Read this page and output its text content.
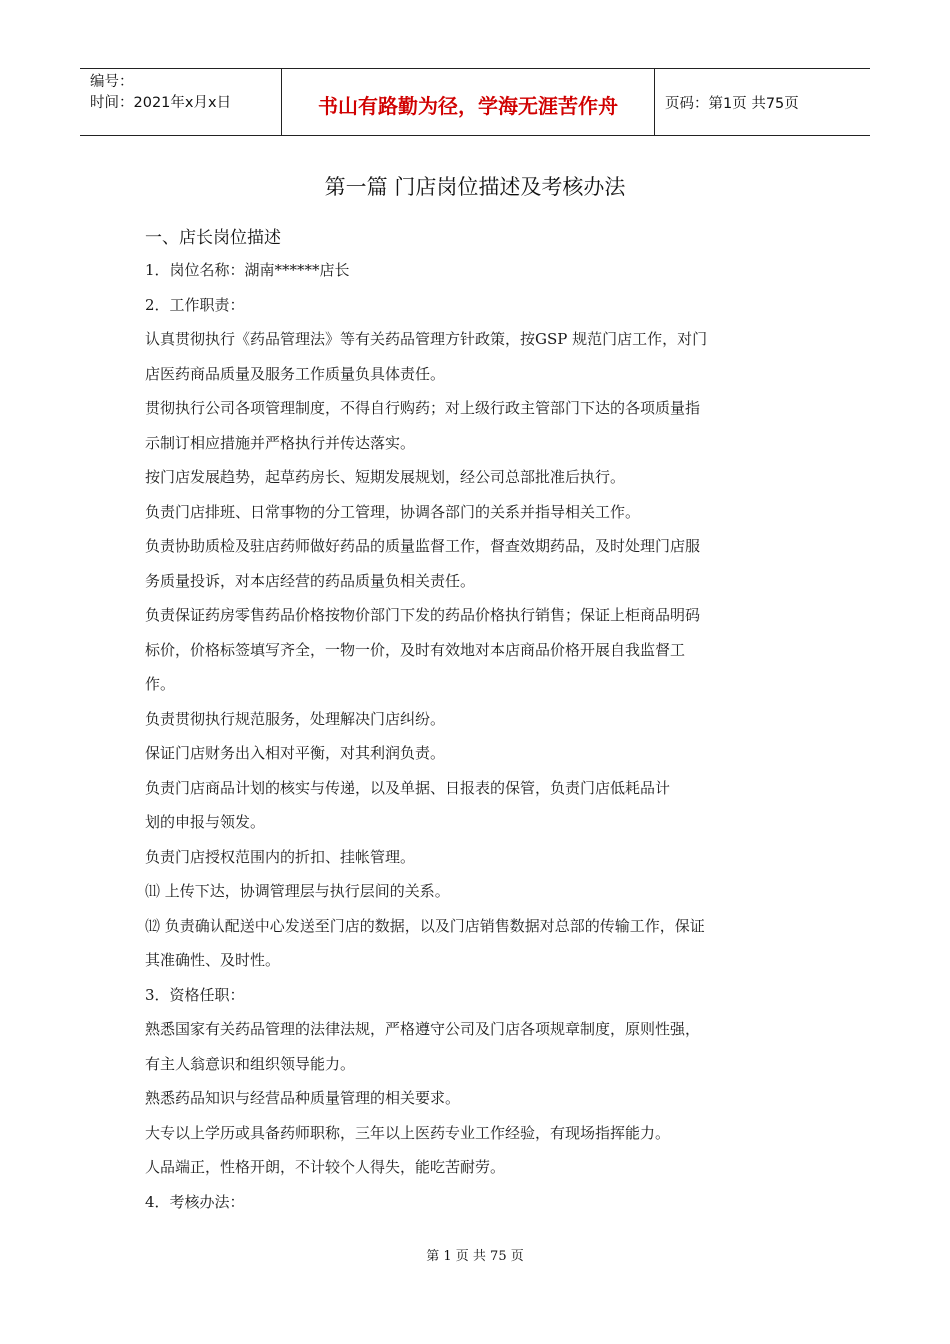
编号：
时间：2021年x月x日	书山有路勤为径，学海无涯苦作舟	页码：第1页 共75页
第一篇 门店岗位描述及考核办法
一、店长岗位描述
1．岗位名称：湖南******店长
2．工作职责：
认真贯彻执行《药品管理法》等有关药品管理方针政策，按GSP 规范门店工作，对门
店医药商品质量及服务工作质量负具体责任。
贯彻执行公司各项管理制度，不得自行购药；对上级行政主管部门下达的各项质量指
示制订相应措施并严格执行并传达落实。
按门店发展趋势，起草药房长、短期发展规划，经公司总部批准后执行。
负责门店排班、日常事物的分工管理，协调各部门的关系并指导相关工作。
负责协助质检及驻店药师做好药品的质量监督工作，督查效期药品，及时处理门店服
务质量投诉，对本店经营的药品质量负相关责任。
负责保证药房零售药品价格按物价部门下发的药品价格执行销售；保证上柜商品明码
标价，价格标签填写齐全，一物一价，及时有效地对本店商品价格开展自我监督工
作。
负责贯彻执行规范服务，处理解决门店纠纷。
保证门店财务出入相对平衡，对其利润负责。
负责门店商品计划的核实与传递，以及单据、日报表的保管，负责门店低耗品计
划的申报与领发。
负责门店授权范围内的折扣、挂帐管理。
⑾ 上传下达，协调管理层与执行层间的关系。
⑿ 负责确认配送中心发送至门店的数据，以及门店销售数据对总部的传输工作，保证
其准确性、及时性。
3．资格任职：
熟悉国家有关药品管理的法律法规，严格遵守公司及门店各项规章制度，原则性强，
有主人翁意识和组织领导能力。
熟悉药品知识与经营品种质量管理的相关要求。
大专以上学历或具备药师职称，三年以上医药专业工作经验，有现场指挥能力。
人品端正，性格开朗，不计较个人得失，能吃苦耐劳。
4．考核办法：
第 1 页 共 75 页
